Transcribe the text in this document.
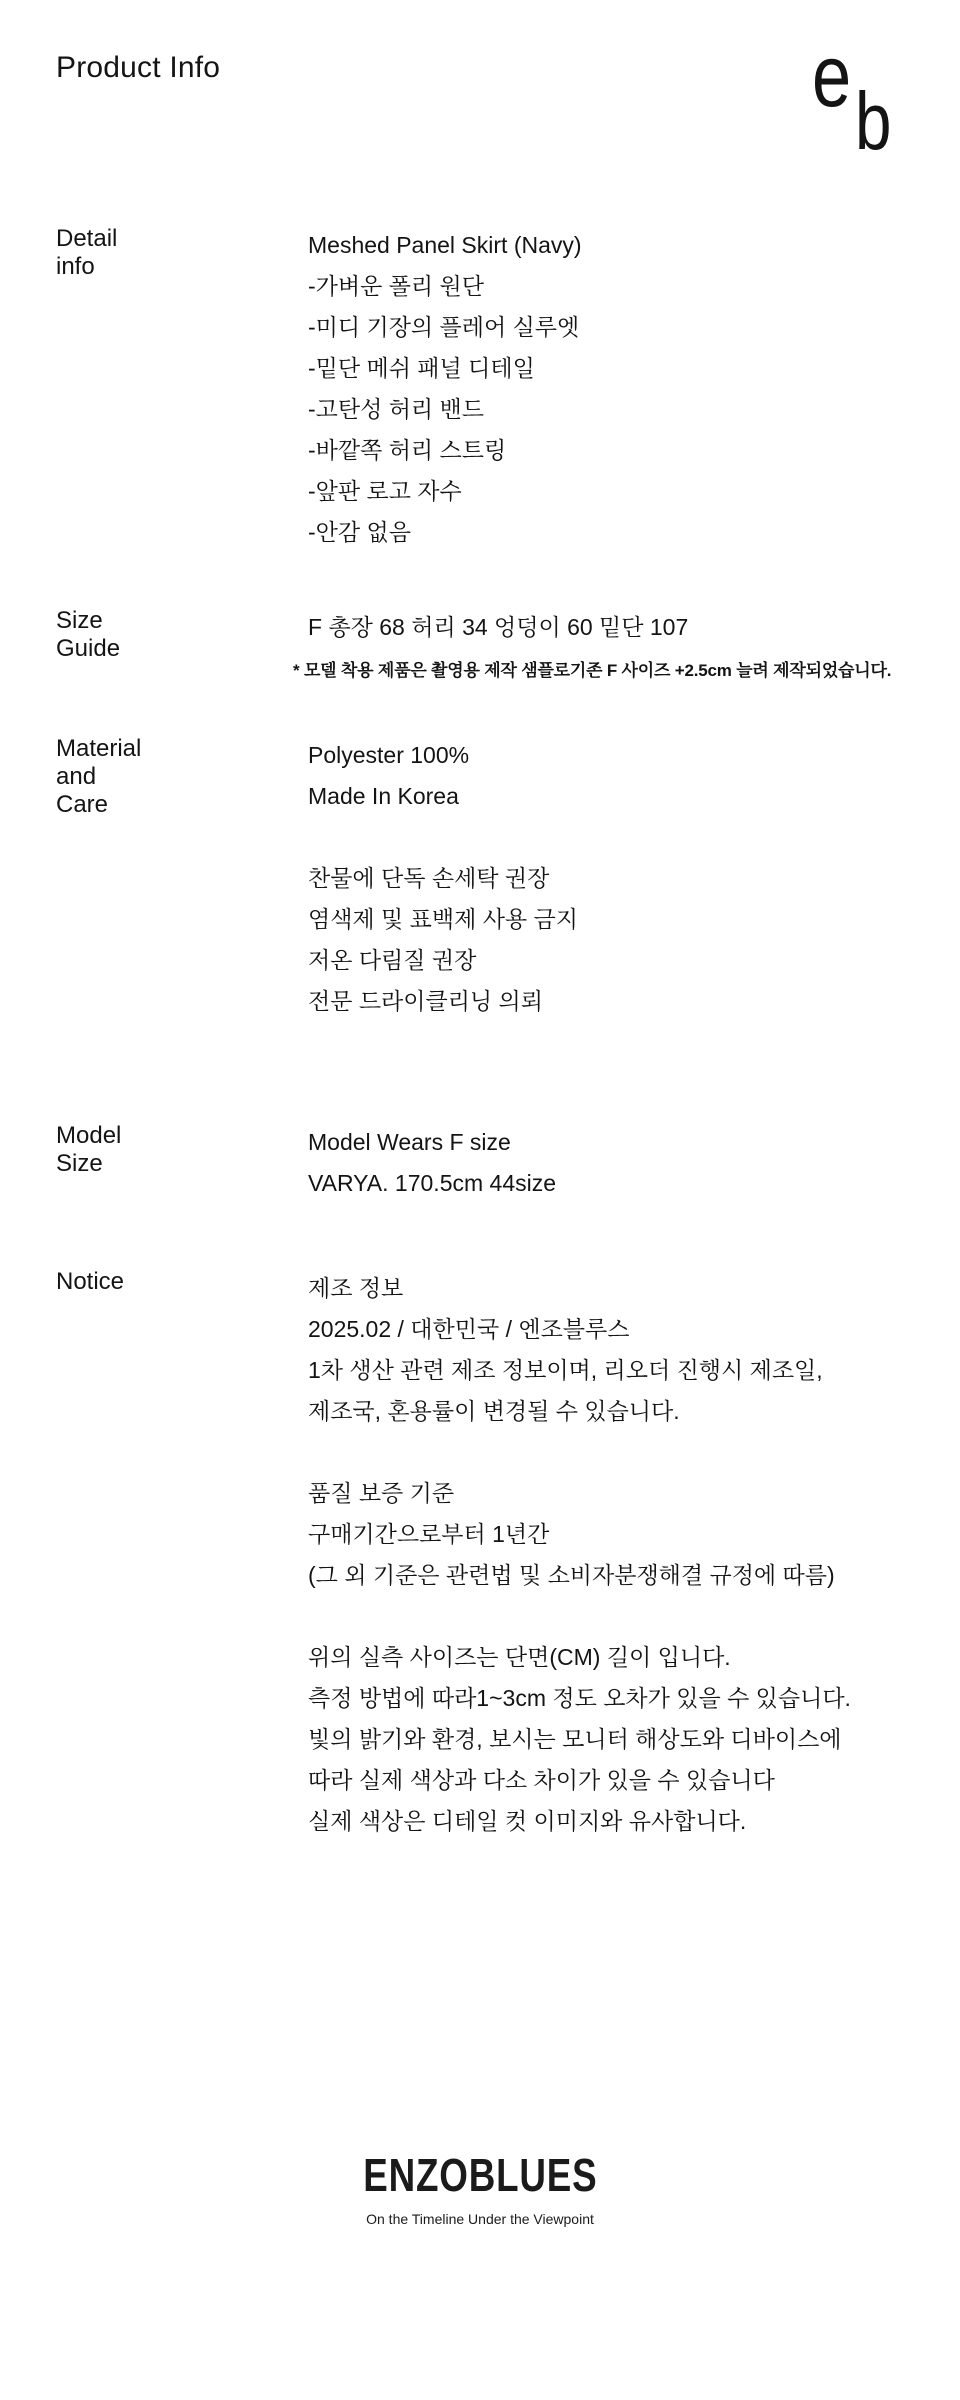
Product Info	e b
Detail
info
Meshed Panel Skirt (Navy)
-가벼운 폴리 원단
-미디 기장의 플레어 실루엣
-밑단 메쉬 패널 디테일
-고탄성 허리 밴드
-바깥쪽 허리 스트링
-앞판 로고 자수
-안감 없음
Size
Guide
F 총장 68 허리 34 엉덩이 60 밑단 107
* 모델 착용 제품은 촬영용 제작 샘플로기존 F 사이즈 +2.5cm 늘려 제작되었습니다.
Material
and
Care

Polyester 100%
Made In Korea

찬물에 단독 손세탁 권장
염색제 및 표백제 사용 금지
저온 다림질 권장
전문 드라이클리닝 의뢰

Model
Size
Model Wears F size
VARYA. 170.5cm 44size
Notice	제조 정보
2025.02 / 대한민국 / 엔조블루스
1차 생산 관련 제조 정보이며, 리오더 진행시 제조일,
제조국, 혼용률이 변경될 수 있습니다.

품질 보증 기준
구매기간으로부터 1년간
(그 외 기준은 관련법 및 소비자분쟁해결 규정에 따름)

위의 실측 사이즈는 단면(CM) 길이 입니다.
측정 방법에 따라1~3cm 정도 오차가 있을 수 있습니다.
빛의 밝기와 환경, 보시는 모니터 해상도와 디바이스에
따라 실제 색상과 다소 차이가 있을 수 있습니다
실제 색상은 디테일 컷 이미지와 유사합니다.

ENZOBLUES
On the Timeline Under the Viewpoint
